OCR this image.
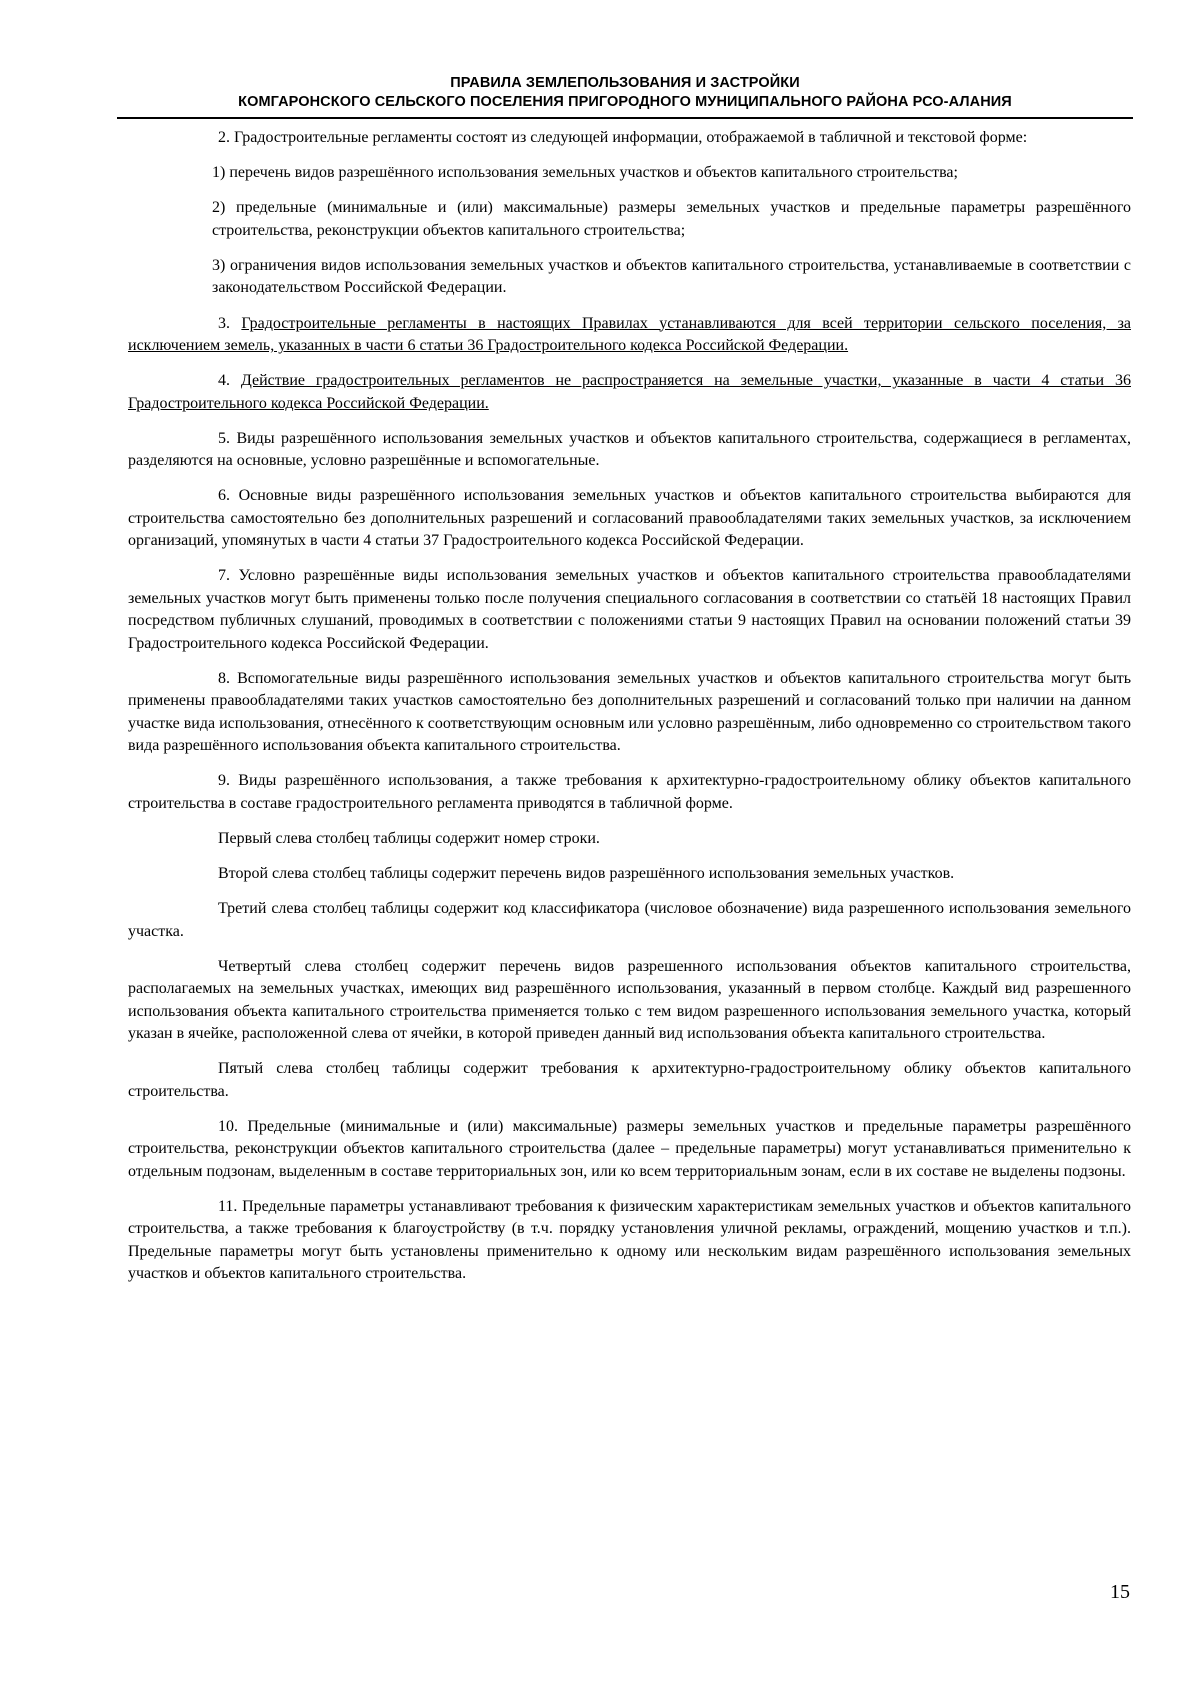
ПРАВИЛА ЗЕМЛЕПОЛЬЗОВАНИЯ И ЗАСТРОЙКИ
КОМГАРОНСКОГО СЕЛЬСКОГО ПОСЕЛЕНИЯ ПРИГОРОДНОГО МУНИЦИПАЛЬНОГО РАЙОНА РСО-АЛАНИЯ

2. Градостроительные регламенты состоят из следующей информации, отображаемой в табличной и текстовой форме:

1) перечень видов разрешённого использования земельных участков и объектов капитального строительства;

2) предельные (минимальные и (или) максимальные) размеры земельных участков и предельные параметры разрешённого строительства, реконструкции объектов капитального строительства;

3) ограничения видов использования земельных участков и объектов капитального строительства, устанавливаемые в соответствии с законодательством Российской Федерации.

3. Градостроительные регламенты в настоящих Правилах устанавливаются для всей территории сельского поселения, за исключением земель, указанных в части 6 статьи 36 Градостроительного кодекса Российской Федерации.

4. Действие градостроительных регламентов не распространяется на земельные участки, указанные в части 4 статьи 36 Градостроительного кодекса Российской Федерации.

5. Виды разрешённого использования земельных участков и объектов капитального строительства, содержащиеся в регламентах, разделяются на основные, условно разрешённые и вспомогательные.

6. Основные виды разрешённого использования земельных участков и объектов капитального строительства выбираются для строительства самостоятельно без дополнительных разрешений и согласований правообладателями таких земельных участков, за исключением организаций, упомянутых в части 4 статьи 37 Градостроительного кодекса Российской Федерации.

7. Условно разрешённые виды использования земельных участков и объектов капитального строительства правообладателями земельных участков могут быть применены только после получения специального согласования в соответствии со статьёй 18 настоящих Правил посредством публичных слушаний, проводимых в соответствии с положениями статьи 9 настоящих Правил на основании положений статьи 39 Градостроительного кодекса Российской Федерации.

8. Вспомогательные виды разрешённого использования земельных участков и объектов капитального строительства могут быть применены правообладателями таких участков самостоятельно без дополнительных разрешений и согласований только при наличии на данном участке вида использования, отнесённого к соответствующим основным или условно разрешённым, либо одновременно со строительством такого вида разрешённого использования объекта капитального строительства.

9. Виды разрешённого использования, а также требования к архитектурно-градостроительному облику объектов капитального строительства в составе градостроительного регламента приводятся в табличной форме.

Первый слева столбец таблицы содержит номер строки.

Второй слева столбец таблицы содержит перечень видов разрешённого использования земельных участков.

Третий слева столбец таблицы содержит код классификатора (числовое обозначение) вида разрешенного использования земельного участка.

Четвертый слева столбец содержит перечень видов разрешенного использования объектов капитального строительства, располагаемых на земельных участках, имеющих вид разрешённого использования, указанный в первом столбце. Каждый вид разрешенного использования объекта капитального строительства применяется только с тем видом разрешенного использования земельного участка, который указан в ячейке, расположенной слева от ячейки, в которой приведен данный вид использования объекта капитального строительства.

Пятый слева столбец таблицы содержит требования к архитектурно-градостроительному облику объектов капитального строительства.

10. Предельные (минимальные и (или) максимальные) размеры земельных участков и предельные параметры разрешённого строительства, реконструкции объектов капитального строительства (далее – предельные параметры) могут устанавливаться применительно к отдельным подзонам, выделенным в составе территориальных зон, или ко всем территориальным зонам, если в их составе не выделены подзоны.

11. Предельные параметры устанавливают требования к физическим характеристикам земельных участков и объектов капитального строительства, а также требования к благоустройству (в т.ч. порядку установления уличной рекламы, ограждений, мощению участков и т.п.). Предельные параметры могут быть установлены применительно к одному или нескольким видам разрешённого использования земельных участков и объектов капитального строительства.

15
